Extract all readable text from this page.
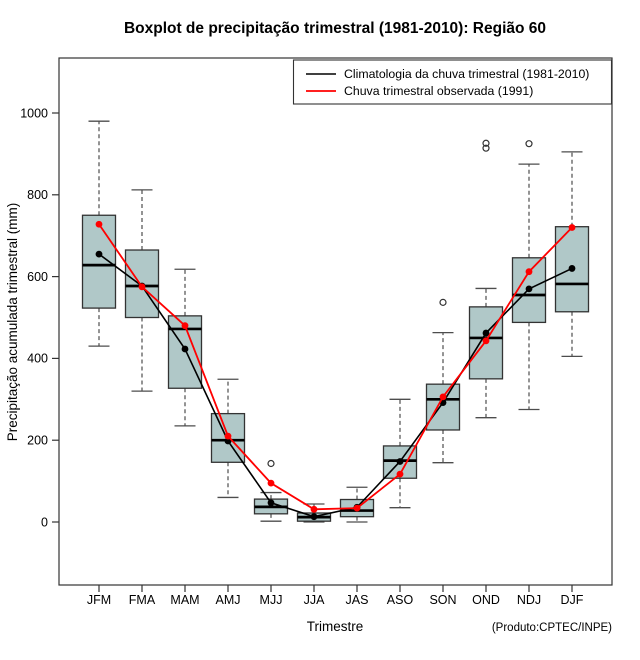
Boxplot de precipitação trimestral (1981-2010): Região 60
0
200
400
600
800
1000
JFM FMA MAM AMJ MJJ JJA JAS ASO SON OND NDJ DJF
Precipitação acumulada trimestral (mm)
Trimestre	(Produto:CPTEC/INPE)
Climatologia da chuva trimestral (1981-2010)
Chuva trimestral observada (1991)
